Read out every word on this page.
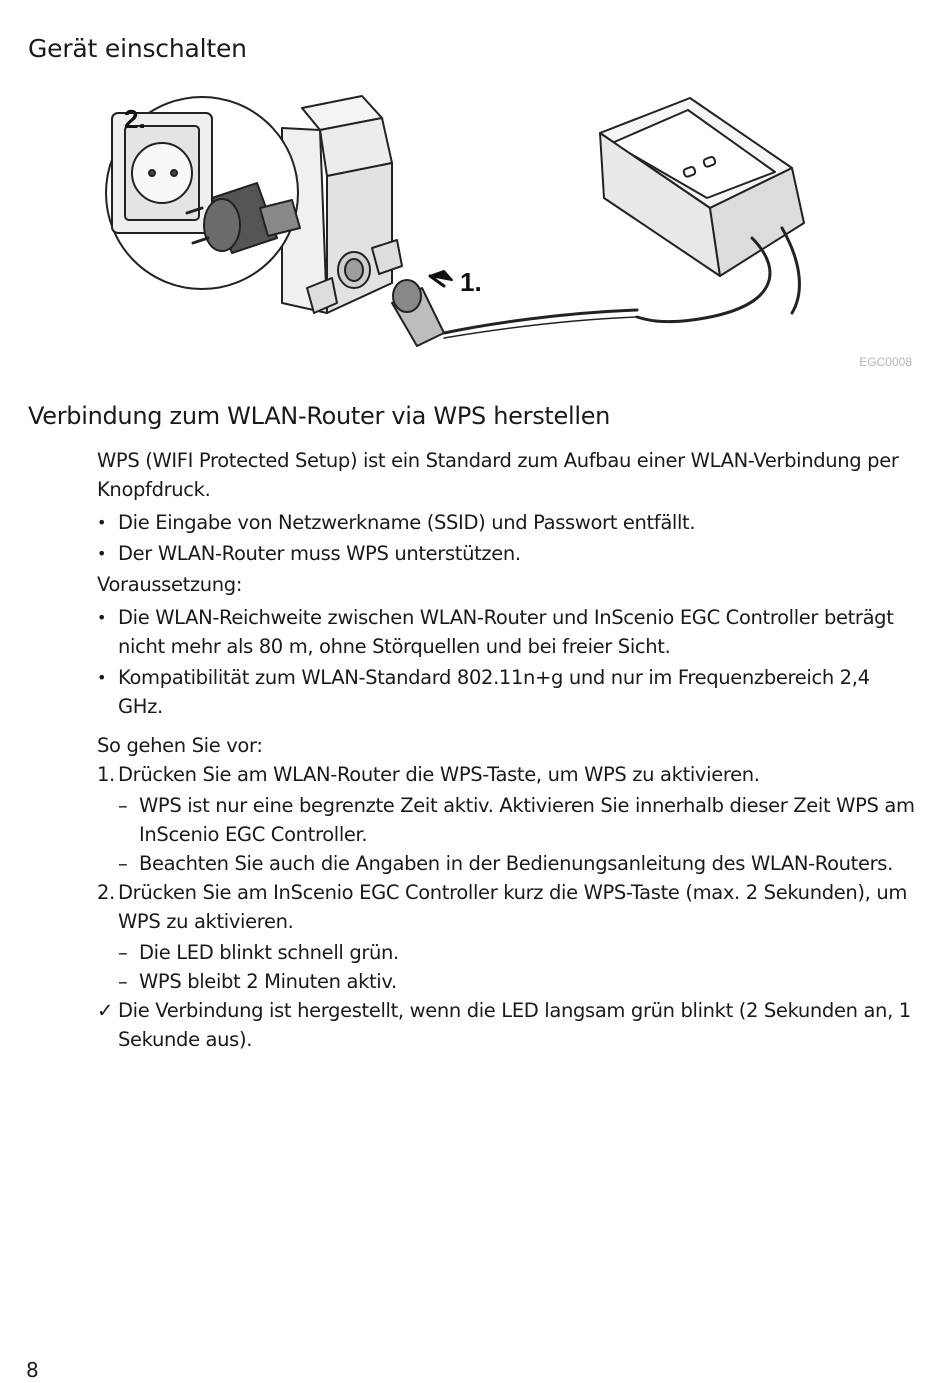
Gerät einschalten
2.
1.
EGC0008
Verbindung zum WLAN-Router via WPS herstellen

WPS (WIFI Protected Setup) ist ein Standard zum Aufbau einer WLAN-Verbindung per Knopfdruck.

• Die Eingabe von Netzwerkname (SSID) und Passwort entfällt.
• Der WLAN-Router muss WPS unterstützen.

Voraussetzung:

• Die WLAN-Reichweite zwischen WLAN-Router und InScenio EGC Controller beträgt nicht mehr als 80 m, ohne Störquellen und bei freier Sicht.
• Kompatibilität zum WLAN-Standard 802.11n+g und nur im Frequenzbereich 2,4 GHz.

So gehen Sie vor:

1. Drücken Sie am WLAN-Router die WPS-Taste, um WPS zu aktivieren.
– WPS ist nur eine begrenzte Zeit aktiv. Aktivieren Sie innerhalb dieser Zeit WPS am InScenio EGC Controller.
– Beachten Sie auch die Angaben in der Bedienungsanleitung des WLAN-Routers.
2. Drücken Sie am InScenio EGC Controller kurz die WPS-Taste (max. 2 Sekunden), um WPS zu aktivieren.
– Die LED blinkt schnell grün.
– WPS bleibt 2 Minuten aktiv.
✓ Die Verbindung ist hergestellt, wenn die LED langsam grün blinkt (2 Sekunden an, 1 Sekunde aus).
8
